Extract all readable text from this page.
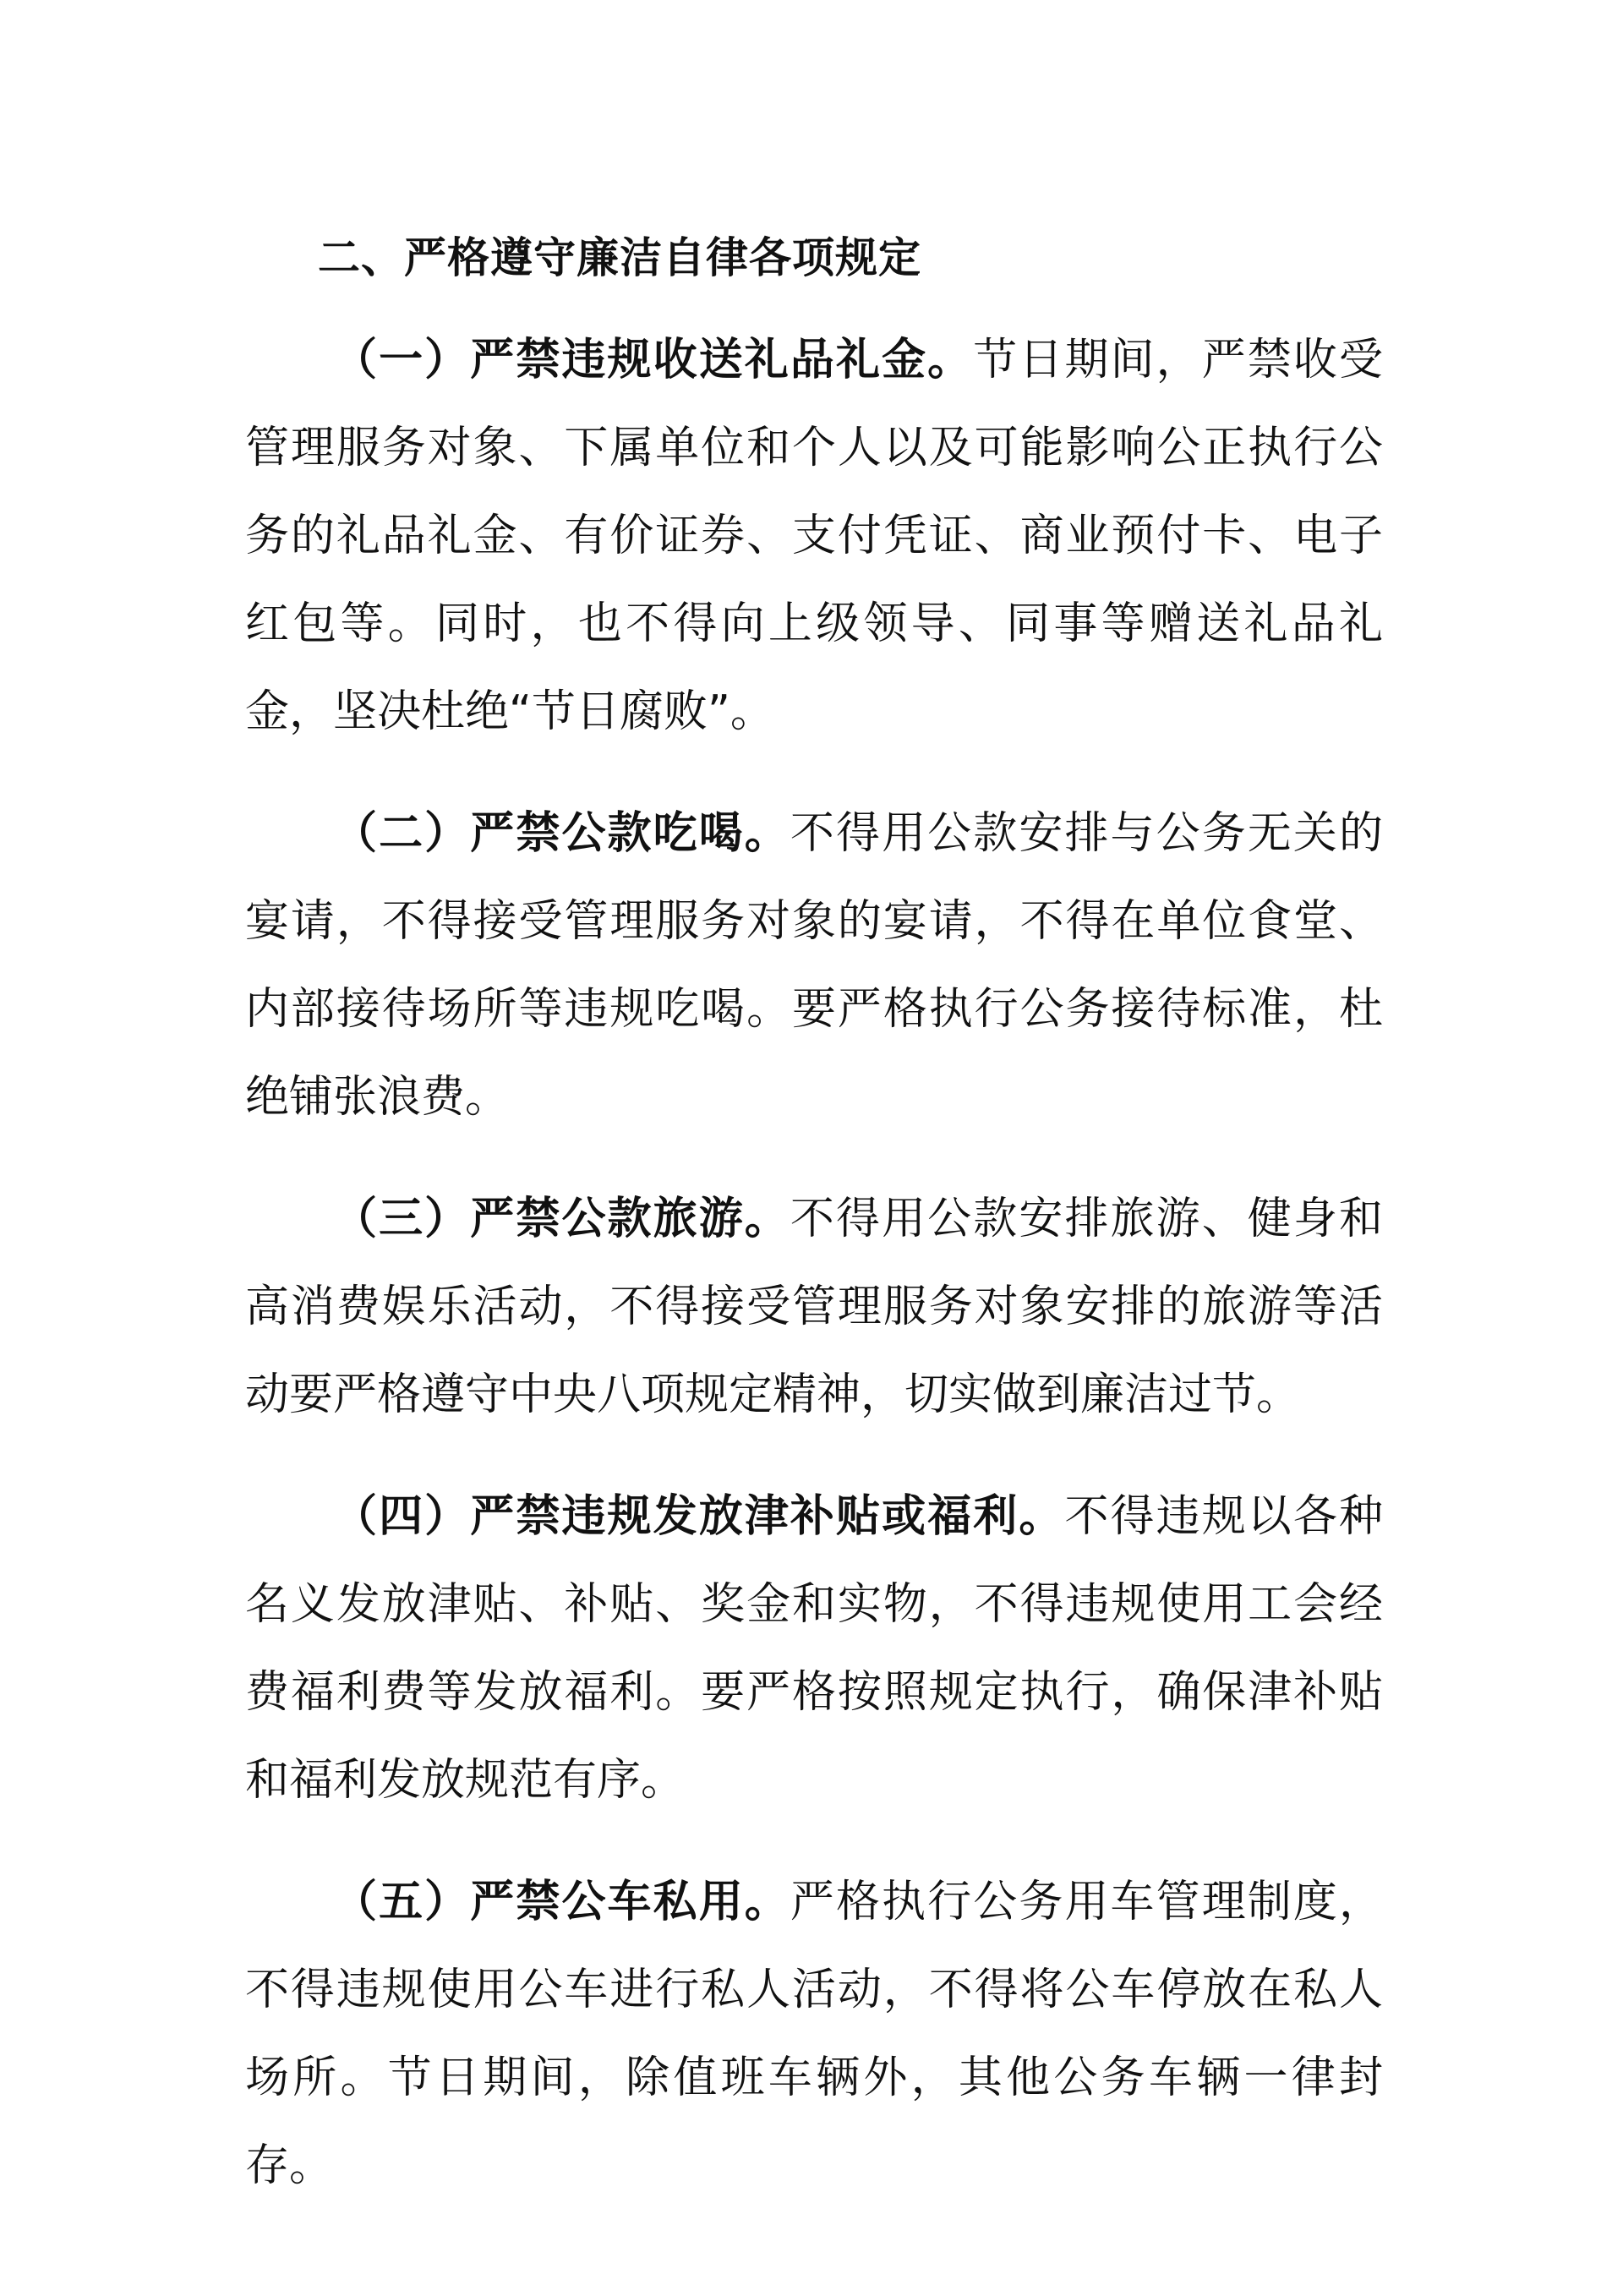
二、严格遵守廉洁自律各项规定

（一）严禁违规收送礼品礼金。节日期间，严禁收受管理服务对象、下属单位和个人以及可能影响公正执行公务的礼品礼金、有价证券、支付凭证、商业预付卡、电子红包等。同时，也不得向上级领导、同事等赠送礼品礼金，坚决杜绝“节日腐败”。

（二）严禁公款吃喝。不得用公款安排与公务无关的宴请，不得接受管理服务对象的宴请，不得在单位食堂、内部接待场所等违规吃喝。要严格执行公务接待标准，杜绝铺张浪费。

（三）严禁公款旅游。不得用公款安排旅游、健身和高消费娱乐活动，不得接受管理服务对象安排的旅游等活动要严格遵守中央八项规定精神，切实做到廉洁过节。

（四）严禁违规发放津补贴或福利。不得违规以各种名义发放津贴、补贴、奖金和实物，不得违规使用工会经费福利费等发放福利。要严格按照规定执行，确保津补贴和福利发放规范有序。

（五）严禁公车私用。严格执行公务用车管理制度，不得违规使用公车进行私人活动，不得将公车停放在私人场所。节日期间，除值班车辆外，其他公务车辆一律封存。
